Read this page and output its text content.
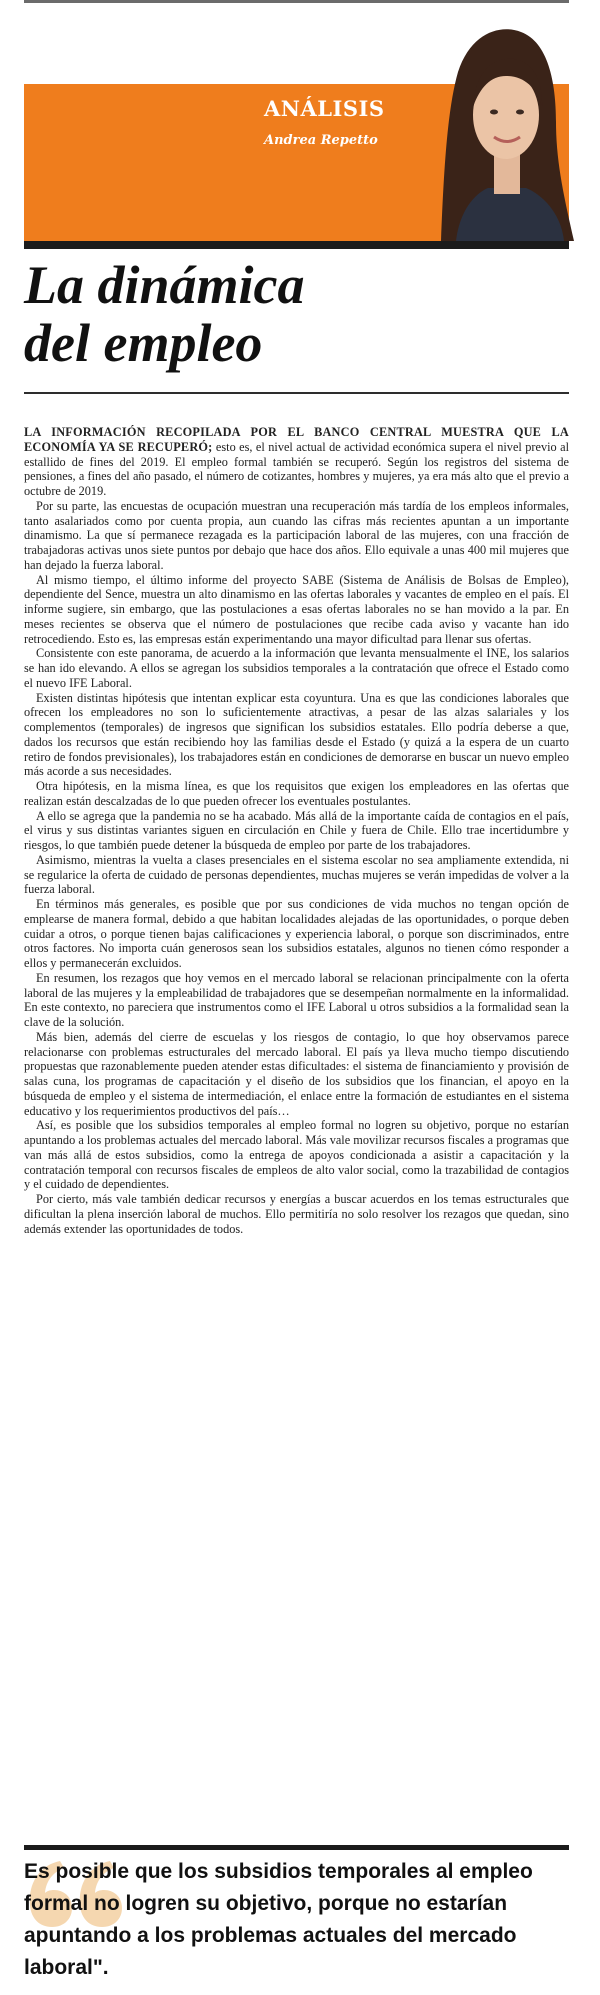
ANÁLISIS

Andrea Repetto

La dinámica
del empleo

LA INFORMACIÓN RECOPILADA POR EL BANCO CENTRAL MUESTRA QUE LA ECONOMÍA YA SE RECUPERÓ; esto es, el nivel actual de actividad económica supera el nivel previo al estallido de fines del 2019. El empleo formal también se recuperó. Según los registros del sistema de pensiones, a fines del año pasado, el número de cotizantes, hombres y mujeres, ya era más alto que el previo a octubre de 2019.

Por su parte, las encuestas de ocupación muestran una recuperación más tardía de los empleos informales, tanto asalariados como por cuenta propia, aun cuando las cifras más recientes apuntan a un importante dinamismo. La que sí permanece rezagada es la participación laboral de las mujeres, con una fracción de trabajadoras activas unos siete puntos por debajo que hace dos años. Ello equivale a unas 400 mil mujeres que han dejado la fuerza laboral.

Al mismo tiempo, el último informe del proyecto SABE (Sistema de Análisis de Bolsas de Empleo), dependiente del Sence, muestra un alto dinamismo en las ofertas laborales y vacantes de empleo en el país. El informe sugiere, sin embargo, que las postulaciones a esas ofertas laborales no se han movido a la par. En meses recientes se observa que el número de postulaciones que recibe cada aviso y vacante han ido retrocediendo. Esto es, las empresas están experimentando una mayor dificultad para llenar sus ofertas.

Consistente con este panorama, de acuerdo a la información que levanta mensualmente el INE, los salarios se han ido elevando. A ellos se agregan los subsidios temporales a la contratación que ofrece el Estado como el nuevo IFE Laboral.

Existen distintas hipótesis que intentan explicar esta coyuntura. Una es que las condiciones laborales que ofrecen los empleadores no son lo suficientemente atractivas, a pesar de las alzas salariales y los complementos (temporales) de ingresos que significan los subsidios estatales. Ello podría deberse a que, dados los recursos que están recibiendo hoy las familias desde el Estado (y quizá a la espera de un cuarto retiro de fondos previsionales), los trabajadores están en condiciones de demorarse en buscar un nuevo empleo más acorde a sus necesidades.

Otra hipótesis, en la misma línea, es que los requisitos que exigen los empleadores en las ofertas que realizan están descalzadas de lo que pueden ofrecer los eventuales postulantes.

A ello se agrega que la pandemia no se ha acabado. Más allá de la importante caída de contagios en el país, el virus y sus distintas variantes siguen en circulación en Chile y fuera de Chile. Ello trae incertidumbre y riesgos, lo que también puede detener la búsqueda de empleo por parte de los trabajadores.

Asimismo, mientras la vuelta a clases presenciales en el sistema escolar no sea ampliamente extendida, ni se regularice la oferta de cuidado de personas dependientes, muchas mujeres se verán impedidas de volver a la fuerza laboral.

En términos más generales, es posible que por sus condiciones de vida muchos no tengan opción de emplearse de manera formal, debido a que habitan localidades alejadas de las oportunidades, o porque deben cuidar a otros, o porque tienen bajas calificaciones y experiencia laboral, o porque son discriminados, entre otros factores. No importa cuán generosos sean los subsidios estatales, algunos no tienen cómo responder a ellos y permanecerán excluidos.

En resumen, los rezagos que hoy vemos en el mercado laboral se relacionan principalmente con la oferta laboral de las mujeres y la empleabilidad de trabajadores que se desempeñan normalmente en la informalidad. En este contexto, no pareciera que instrumentos como el IFE Laboral u otros subsidios a la formalidad sean la clave de la solución.

Más bien, además del cierre de escuelas y los riesgos de contagio, lo que hoy observamos parece relacionarse con problemas estructurales del mercado laboral. El país ya lleva mucho tiempo discutiendo propuestas que razonablemente pueden atender estas dificultades: el sistema de financiamiento y provisión de salas cuna, los programas de capacitación y el diseño de los subsidios que los financian, el apoyo en la búsqueda de empleo y el sistema de intermediación, el enlace entre la formación de estudiantes en el sistema educativo y los requerimientos productivos del país…

Así, es posible que los subsidios temporales al empleo formal no logren su objetivo, porque no estarían apuntando a los problemas actuales del mercado laboral. Más vale movilizar recursos fiscales a programas que van más allá de estos subsidios, como la entrega de apoyos condicionada a asistir a capacitación y la contratación temporal con recursos fiscales de empleos de alto valor social, como la trazabilidad de contagios y el cuidado de dependientes.

Por cierto, más vale también dedicar recursos y energías a buscar acuerdos en los temas estructurales que dificultan la plena inserción laboral de muchos. Ello permitiría no solo resolver los rezagos que quedan, sino además extender las oportunidades de todos.

Es posible que los subsidios temporales al empleo formal no logren su objetivo, porque no estarían apuntando a los problemas actuales del mercado laboral".
